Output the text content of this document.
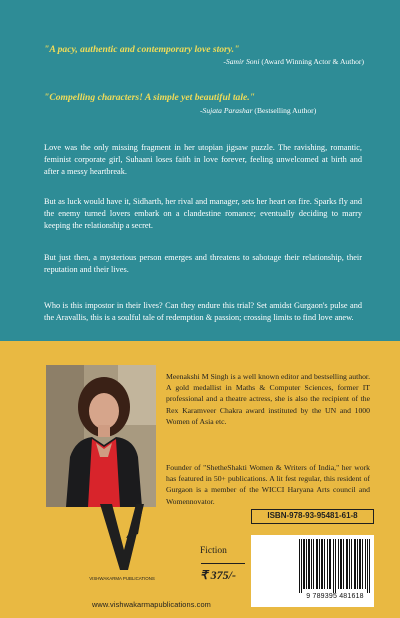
"A pacy, authentic and contemporary love story."
-Samir Soni (Award Winning Actor & Author)
"Compelling characters! A simple yet beautiful tale."
-Sujata Parashar (Bestselling Author)

Love was the only missing fragment in her utopian jigsaw puzzle. The ravishing, romantic, feminist corporate girl, Suhaani loses faith in love forever, feeling unwelcomed at birth and after a messy heartbreak.

But as luck would have it, Sidharth, her rival and manager, sets her heart on fire. Sparks fly and the enemy turned lovers embark on a clandestine romance; eventually deciding to marry keeping the relationship a secret.

But just then, a mysterious person emerges and threatens to sabotage their relationship, their reputation and their lives.

Who is this impostor in their lives? Can they endure this trial? Set amidst Gurgaon's pulse and the Aravallis, this is a soulful tale of redemption & passion; crossing limits to find love anew.

Meenakshi M Singh is a well known editor and bestselling author. A gold medallist in Maths & Computer Sciences, former IT professional and a theatre actress, she is also the recipient of the Rex Karamveer Chakra award instituted by the UN and 1000 Women of Asia etc.

Founder of "ShetheShakti Women & Writers of India," her work has featured in 50+ publications. A lit fest regular, this resident of Gurgaon is a member of the WICCI Haryana Arts council and Womennovator.

VISHWAKARMA PUBLICATIONS
www.vishwakarmapublications.com
Fiction
₹ 375/-
ISBN-978-93-95481-61-8
9 789395 481618
